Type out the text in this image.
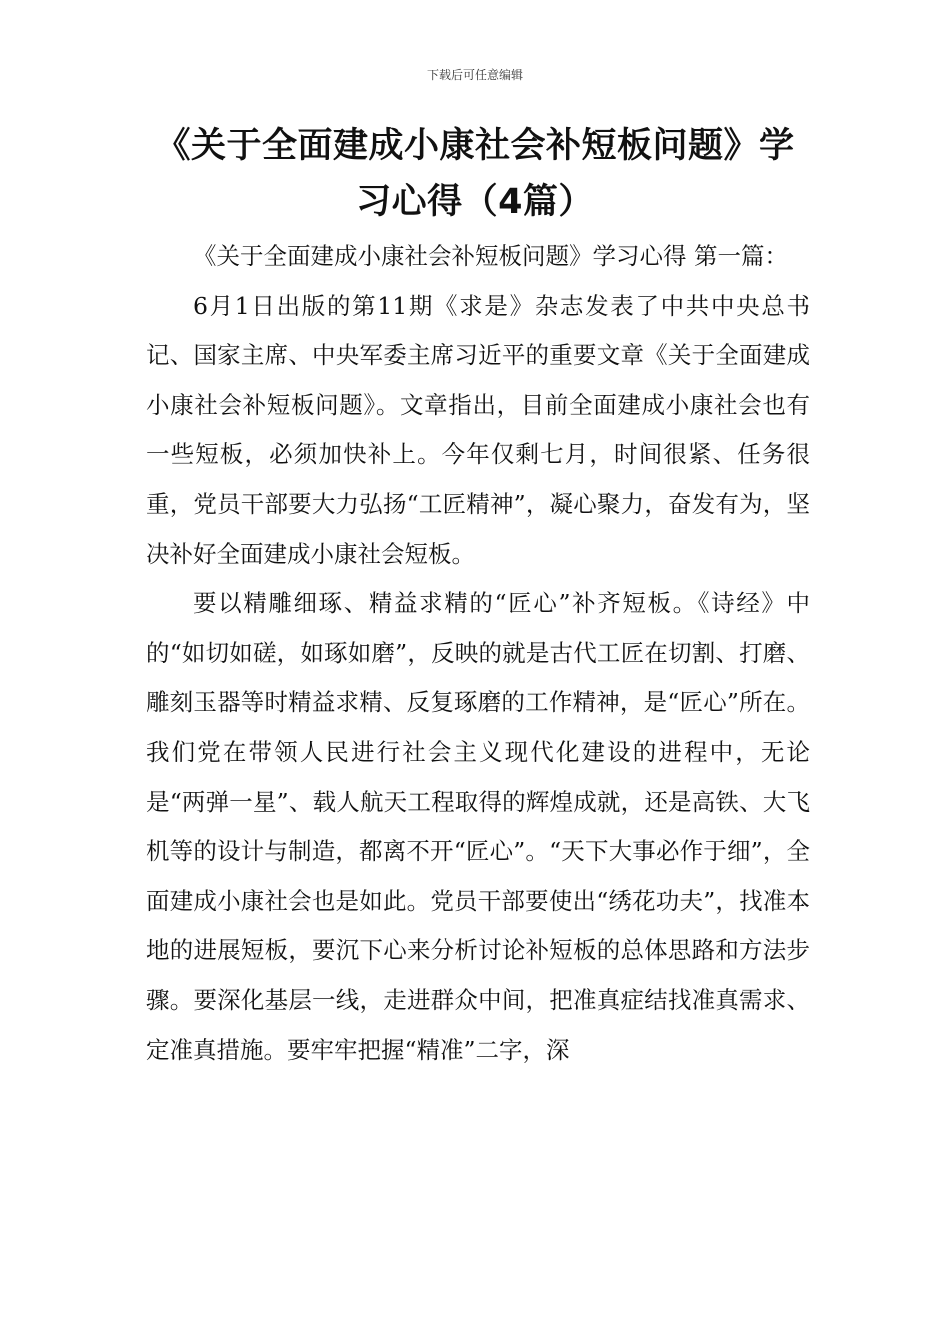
下载后可任意编辑
《关于全面建成小康社会补短板问题》学习心得（4篇）

《关于全面建成小康社会补短板问题》学习心得 第一篇：

6月1日出版的第11期《求是》杂志发表了中共中央总书记、国家主席、中央军委主席习近平的重要文章《关于全面建成小康社会补短板问题》。文章指出，目前全面建成小康社会也有一些短板，必须加快补上。今年仅剩七月，时间很紧、任务很重，党员干部要大力弘扬“工匠精神”，凝心聚力，奋发有为，坚决补好全面建成小康社会短板。

要以精雕细琢、精益求精的“匠心”补齐短板。《诗经》中的“如切如磋，如琢如磨”，反映的就是古代工匠在切割、打磨、雕刻玉器等时精益求精、反复琢磨的工作精神，是“匠心”所在。我们党在带领人民进行社会主义现代化建设的进程中，无论是“两弹一星”、载人航天工程取得的辉煌成就，还是高铁、大飞机等的设计与制造，都离不开“匠心”。“天下大事必作于细”，全面建成小康社会也是如此。党员干部要使出“绣花功夫”，找准本地的进展短板，要沉下心来分析讨论补短板的总体思路和方法步骤。要深化基层一线，走进群众中间，把准真症结找准真需求、定准真措施。要牢牢把握“精准”二字，深
